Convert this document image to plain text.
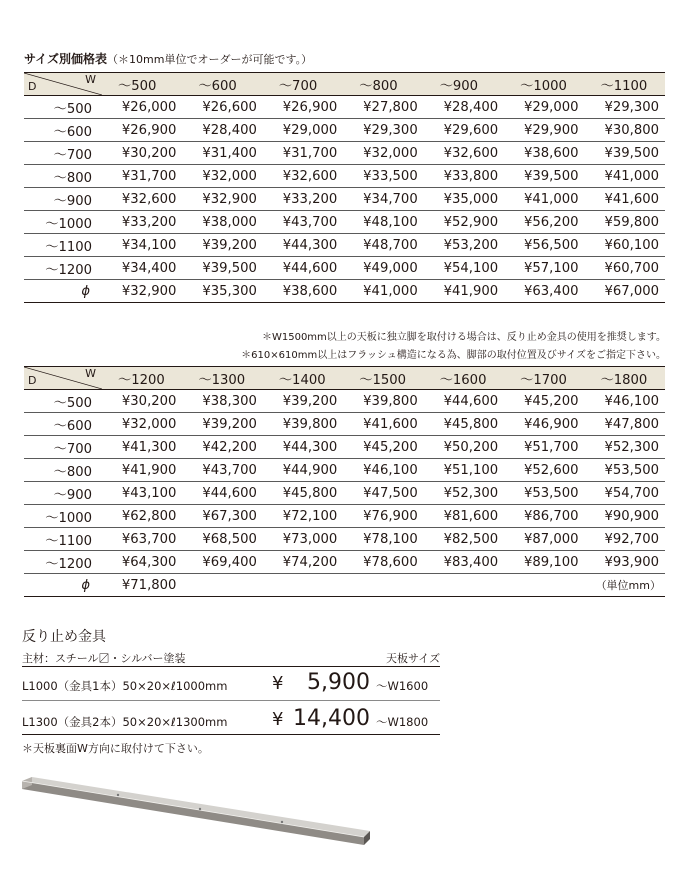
サイズ別価格表（＊10mm単位でオーダーが可能です。）
D
W	～500	～600	～700	～800	～900	～1000	～1100
～500	¥26,000	¥26,600	¥26,900	¥27,800	¥28,400	¥29,000	¥29,300
～600	¥26,900	¥28,400	¥29,000	¥29,300	¥29,600	¥29,900	¥30,800
～700	¥30,200	¥31,400	¥31,700	¥32,000	¥32,600	¥38,600	¥39,500
～800	¥31,700	¥32,000	¥32,600	¥33,500	¥33,800	¥39,500	¥41,000
～900	¥32,600	¥32,900	¥33,200	¥34,700	¥35,000	¥41,000	¥41,600
～1000	¥33,200	¥38,000	¥43,700	¥48,100	¥52,900	¥56,200	¥59,800
～1100	¥34,100	¥39,200	¥44,300	¥48,700	¥53,200	¥56,500	¥60,100
～1200	¥34,400	¥39,500	¥44,600	¥49,000	¥54,100	¥57,100	¥60,700
ϕ	¥32,900	¥35,300	¥38,600	¥41,000	¥41,900	¥63,400	¥67,000
＊W1500mm以上の天板に独立脚を取付ける場合は、反り止め金具の使用を推奨します。
＊610×610mm以上はフラッシュ構造になる為、脚部の取付位置及びサイズをご指定下さい。
D
W	～1200	～1300	～1400	～1500	～1600	～1700	～1800
～500	¥30,200	¥38,300	¥39,200	¥39,800	¥44,600	¥45,200	¥46,100
～600	¥32,000	¥39,200	¥39,800	¥41,600	¥45,800	¥46,900	¥47,800
～700	¥41,300	¥42,200	¥44,300	¥45,200	¥50,200	¥51,700	¥52,300
～800	¥41,900	¥43,700	¥44,900	¥46,100	¥51,100	¥52,600	¥53,500
～900	¥43,100	¥44,600	¥45,800	¥47,500	¥52,300	¥53,500	¥54,700
～1000	¥62,800	¥67,300	¥72,100	¥76,900	¥81,600	¥86,700	¥90,900
～1100	¥63,700	¥68,500	¥73,000	¥78,100	¥82,500	¥87,000	¥92,700
～1200	¥64,300	¥69,400	¥74,200	¥78,600	¥83,400	¥89,100	¥93,900
ϕ	¥71,800						（単位mm）
反り止め金具
主材：スチール〼・シルバー塗装	天板サイズ
L1000（金具1本）50×20×ℓ1000mm ¥ 5,900 ～W1600
L1300（金具2本）50×20×ℓ1300mm ¥ 14,400 ～W1800
＊天板裏面W方向に取付けて下さい。
